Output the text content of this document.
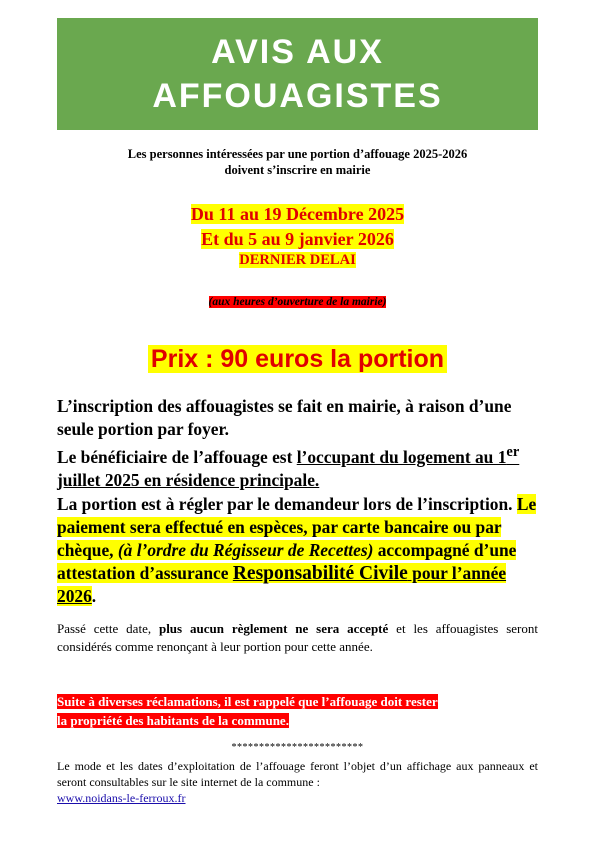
AVIS AUX
AFFOUAGISTES
Les personnes intéressées par une portion d’affouage 2025-2026
doivent s’inscrire en mairie
Du 11 au 19 Décembre 2025
Et du 5 au 9 janvier 2026
DERNIER DELAI
(aux heures d’ouverture de la mairie)
Prix : 90 euros la portion

L’inscription des affouagistes se fait en mairie, à raison d’une seule portion par foyer.

Le bénéficiaire de l’affouage est l’occupant du logement au 1er juillet 2025 en résidence principale.

La portion est à régler par le demandeur lors de l’inscription. Le paiement sera effectué en espèces, par carte bancaire ou par chèque, (à l’ordre du Régisseur de Recettes) accompagné d’une attestation d’assurance Responsabilité Civile pour l’année 2026.

Passé cette date, plus aucun règlement ne sera accepté et les affouagistes seront considérés comme renonçant à leur portion pour cette année.
Suite à diverses réclamations, il est rappelé que l’affouage doit rester
la propriété des habitants de la commune.
************************
Le mode et les dates d’exploitation de l’affouage feront l’objet d’un affichage aux panneaux et seront consultables sur le site internet de la commune :
www.noidans-le-ferroux.fr
